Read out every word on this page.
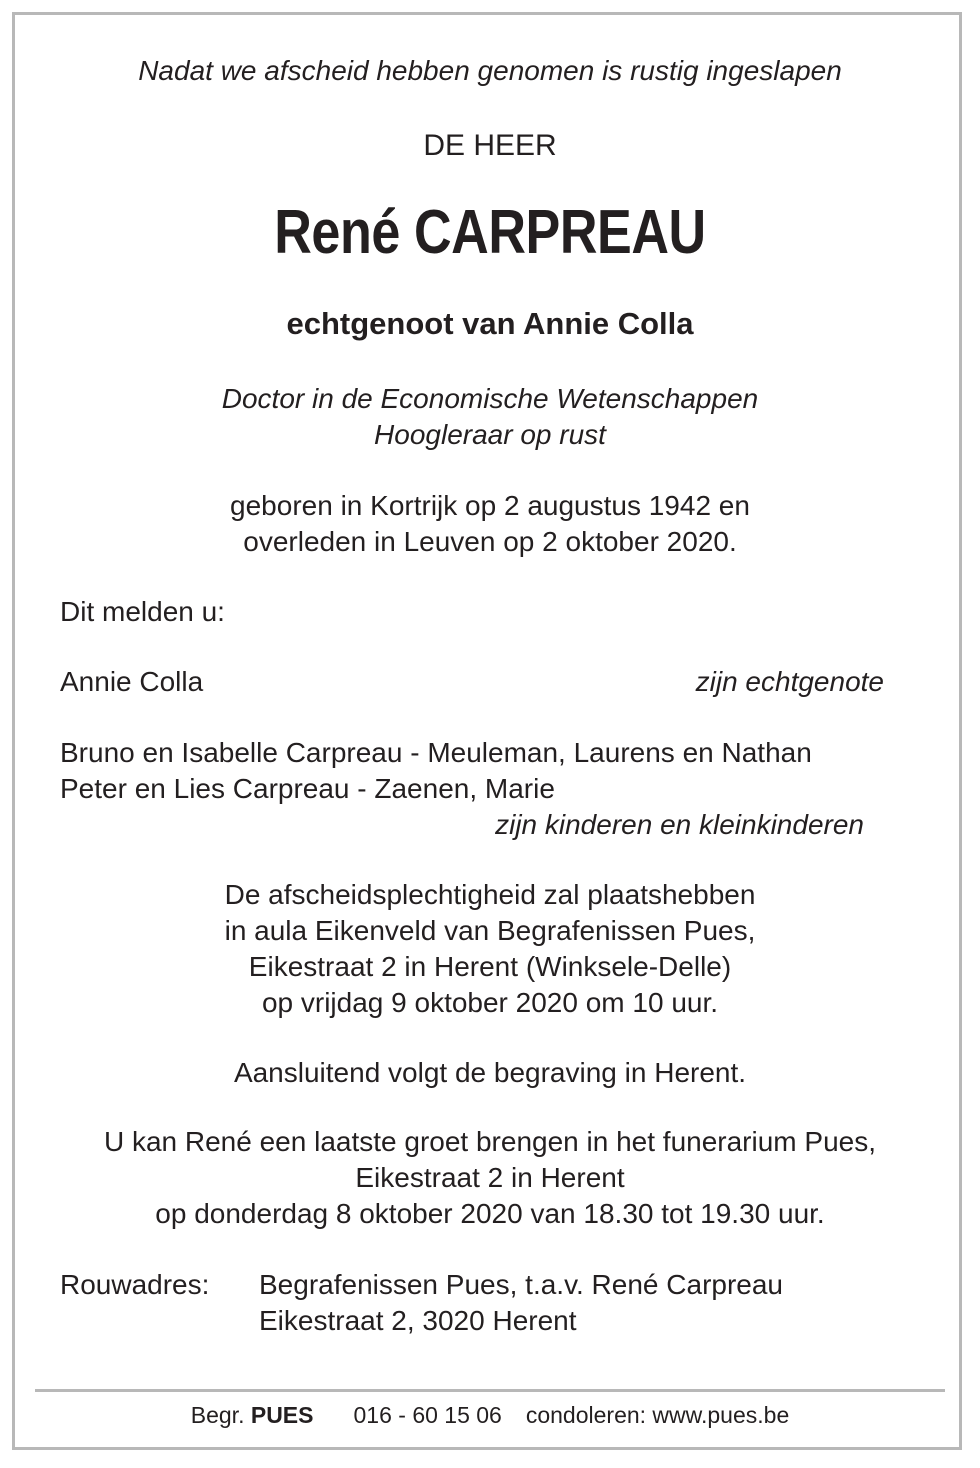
Nadat we afscheid hebben genomen is rustig ingeslapen
DE HEER
René CARPREAU
echtgenoot van Annie Colla
Doctor in de Economische Wetenschappen
Hoogleraar op rust
geboren in Kortrijk op 2 augustus 1942 en
overleden in Leuven op 2 oktober 2020.
Dit melden u:
Annie Colla	zijn echtgenote
Bruno en Isabelle Carpreau - Meuleman, Laurens en Nathan
Peter en Lies Carpreau - Zaenen, Marie
zijn kinderen en kleinkinderen
De afscheidsplechtigheid zal plaatshebben
in aula Eikenveld van Begrafenissen Pues,
Eikestraat 2 in Herent (Winksele-Delle)
op vrijdag 9 oktober 2020 om 10 uur.
Aansluitend volgt de begraving in Herent.
U kan René een laatste groet brengen in het funerarium Pues,
Eikestraat 2 in Herent
op donderdag 8 oktober 2020 van 18.30 tot 19.30 uur.
Rouwadres: Begrafenissen Pues, t.a.v. René Carpreau
Eikestraat 2, 3020 Herent
Begr. PUES 016 - 60 15 06 condoleren: www.pues.be
